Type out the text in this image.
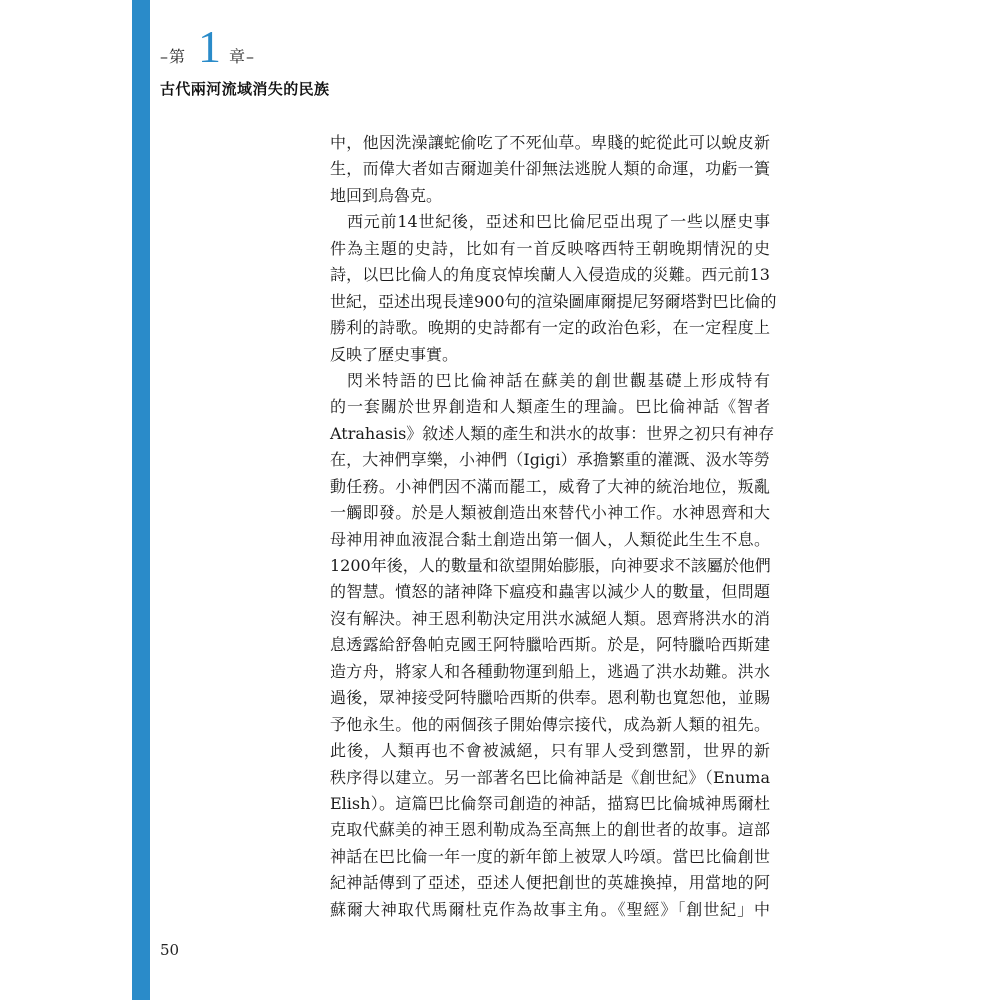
–第 1 章–
古代兩河流域消失的民族
中，他因洗澡讓蛇偷吃了不死仙草。卑賤的蛇從此可以蛻皮新
生，而偉大者如吉爾迦美什卻無法逃脫人類的命運，功虧一簣
地回到烏魯克。
西元前14世紀後，亞述和巴比倫尼亞出現了一些以歷史事
件為主題的史詩，比如有一首反映喀西特王朝晚期情況的史
詩，以巴比倫人的角度哀悼埃蘭人入侵造成的災難。西元前13
世紀，亞述出現長達900句的渲染圖庫爾提尼努爾塔對巴比倫的
勝利的詩歌。晚期的史詩都有一定的政治色彩，在一定程度上
反映了歷史事實。
閃米特語的巴比倫神話在蘇美的創世觀基礎上形成特有
的一套關於世界創造和人類產生的理論。巴比倫神話《智者
Atrahasis》敘述人類的產生和洪水的故事：世界之初只有神存
在，大神們享樂，小神們（Igigi）承擔繁重的灌溉、汲水等勞
動任務。小神們因不滿而罷工，威脅了大神的統治地位，叛亂
一觸即發。於是人類被創造出來替代小神工作。水神恩齊和大
母神用神血液混合黏土創造出第一個人，人類從此生生不息。
1200年後，人的數量和欲望開始膨脹，向神要求不該屬於他們
的智慧。憤怒的諸神降下瘟疫和蟲害以減少人的數量，但問題
沒有解決。神王恩利勒決定用洪水滅絕人類。恩齊將洪水的消
息透露給舒魯帕克國王阿特臘哈西斯。於是，阿特臘哈西斯建
造方舟，將家人和各種動物運到船上，逃過了洪水劫難。洪水
過後，眾神接受阿特臘哈西斯的供奉。恩利勒也寬恕他，並賜
予他永生。他的兩個孩子開始傳宗接代，成為新人類的祖先。
此後，人類再也不會被滅絕，只有罪人受到懲罰，世界的新
秩序得以建立。另一部著名巴比倫神話是《創世紀》（Enuma
Elish）。這篇巴比倫祭司創造的神話，描寫巴比倫城神馬爾杜
克取代蘇美的神王恩利勒成為至高無上的創世者的故事。這部
神話在巴比倫一年一度的新年節上被眾人吟頌。當巴比倫創世
紀神話傳到了亞述，亞述人便把創世的英雄換掉，用當地的阿
蘇爾大神取代馬爾杜克作為故事主角。《聖經》「創世紀」中
50
